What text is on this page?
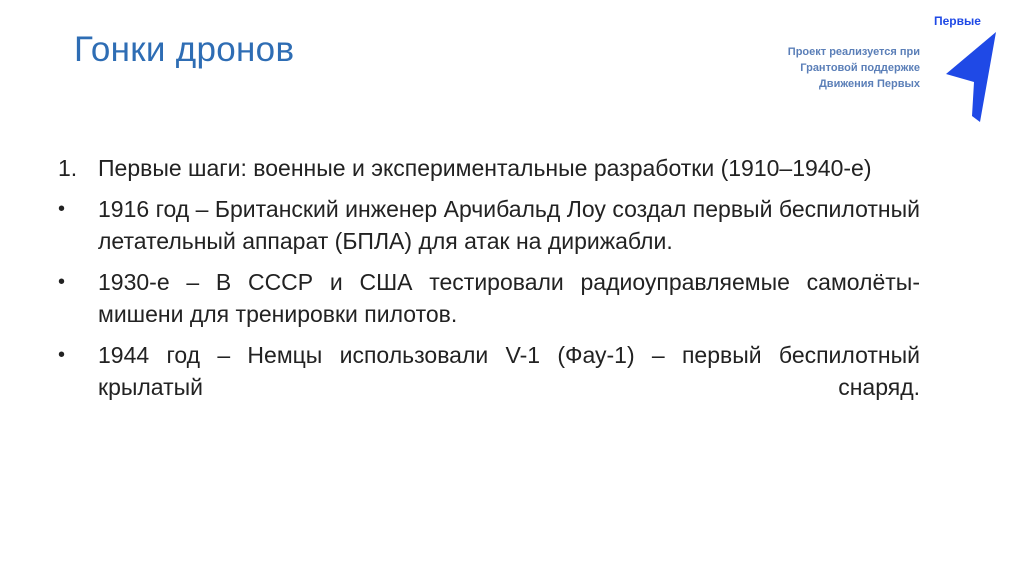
Гонки дронов	Проект реализуется при
Грантовой поддержке
Движения Первых
Первые
1. Первые шаги: военные и экспериментальные разработки (1910–1940-е)
• 1916 год – Британский инженер Арчибальд Лоу создал первый беспилотный летательный аппарат (БПЛА) для атак на дирижабли.
• 1930-е – В СССР и США тестировали радиоуправляемые самолёты-мишени для тренировки пилотов.
• 1944 год – Немцы использовали V-1 (Фау-1) – первый беспилотный крылатый снаряд.
